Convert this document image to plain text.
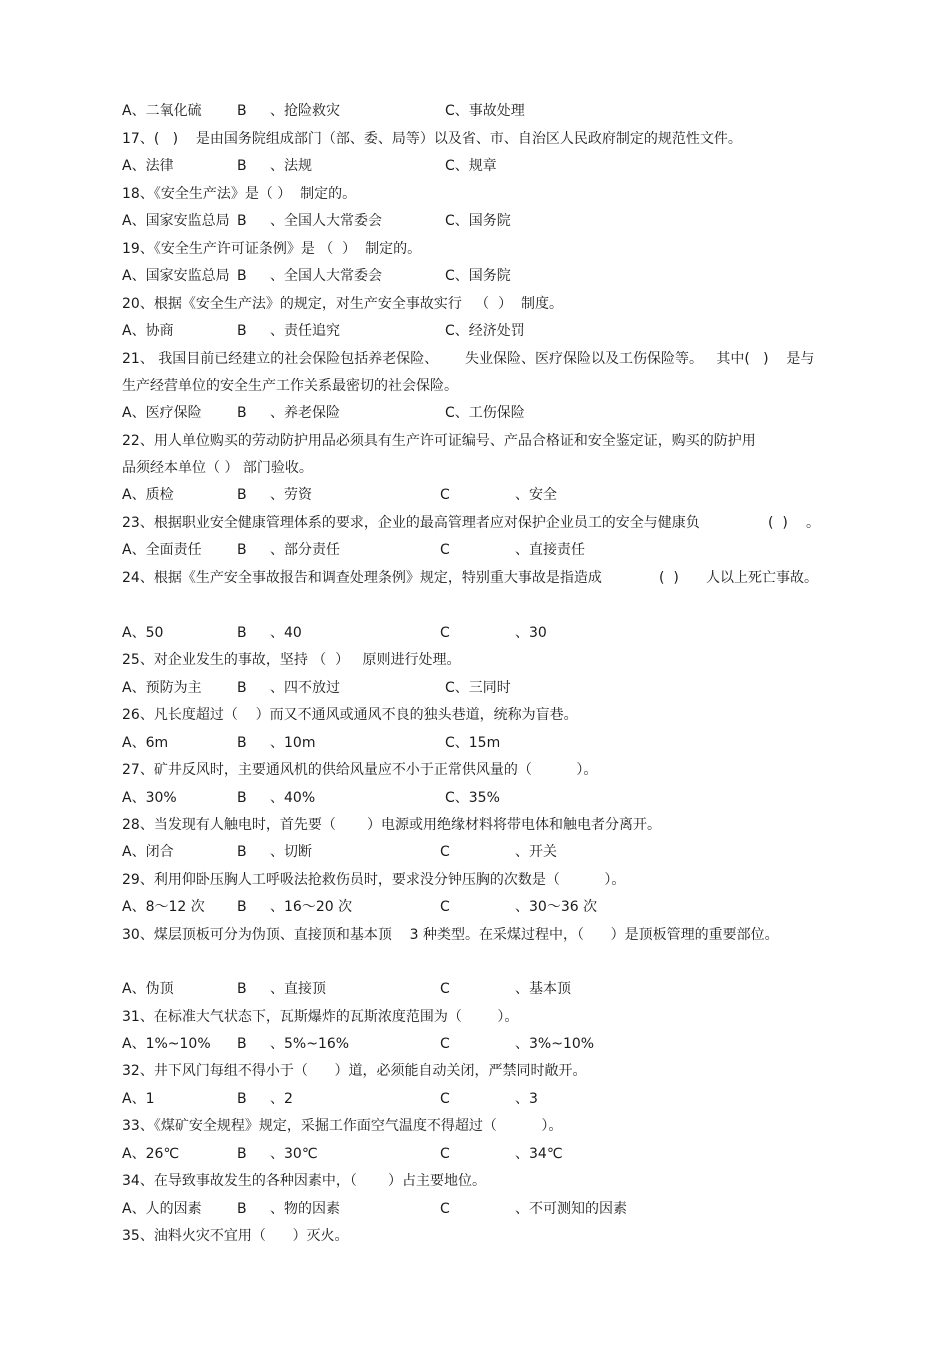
A、二氧化硫	B 、抢险救灾	C、事故处理
17、(   )    是由国务院组成部门（部、委、局等）以及省、市、自治区人民政府制定的规范性文件。
A、法律	B 、法规	C、规章
18、《安全生产法》是（ ）  制定的。
A、国家安监总局 B 、全国人大常委会	C、国务院
19、《安全生产许可证条例》是 （  ）  制定的。
A、国家安监总局 B 、全国人大常委会	C、国务院
20、根据《安全生产法》的规定，对生产安全事故实行   （  ）  制度。
A、协商	B 、责任追究	C、经济处罚
21、 我国目前已经建立的社会保险包括养老保险、      失业保险、医疗保险以及工伤保险等。   其中(   )    是与
生产经营单位的安全生产工作关系最密切的社会保险。
A、医疗保险	B 、养老保险	C、工伤保险
22、用人单位购买的劳动防护用品必须具有生产许可证编号、产品合格证和安全鉴定证，购买的防护用
品须经本单位（ ） 部门验收。
A、质检	B 、劳资	C	、安全
23、根据职业安全健康管理体系的要求，企业的最高管理者应对保护企业员工的安全与健康负	(  ) 。
A、全面责任	B 、部分责任	C	、直接责任
24、根据《生产安全事故报告和调查处理条例》规定，特别重大事故是指造成	(  ) 人以上死亡事故。
A、50	B 、40	C	、30
25、对企业发生的事故，坚持 （  ）   原则进行处理。
A、预防为主	B 、四不放过	C、三同时
26、凡长度超过（    ）而又不通风或通风不良的独头巷道，统称为盲巷。
A、6m	B 、10m	C、15m
27、矿井反风时，主要通风机的供给风量应不小于正常供风量的（          ）。
A、30%	B 、40%	C、35%
28、当发现有人触电时，首先要（       ）电源或用绝缘材料将带电体和触电者分离开。
A、闭合	B 、切断	C	、开关
29、利用仰卧压胸人工呼吸法抢救伤员时，要求没分钟压胸的次数是（          ）。
A、8～12 次 B 、16～20 次	C	、30～36 次
30、煤层顶板可分为伪顶、直接顶和基本顶    3 种类型。在采煤过程中，（      ）是顶板管理的重要部位。
A、伪顶	B 、直接顶	C	、基本顶
31、在标准大气状态下，瓦斯爆炸的瓦斯浓度范围为（        ）。
A、1%~10% B 、5%~16%	C	、3%~10%
32、井下风门每组不得小于（      ）道，必须能自动关闭，严禁同时敞开。
A、1	B 、2	C	、3
33、《煤矿安全规程》规定，采掘工作面空气温度不得超过（          ）。
A、26℃	B 、30℃	C	、34℃
34、在导致事故发生的各种因素中，（       ）占主要地位。
A、人的因素	B 、物的因素	C	、不可测知的因素
35、油料火灾不宜用（      ）灭火。
